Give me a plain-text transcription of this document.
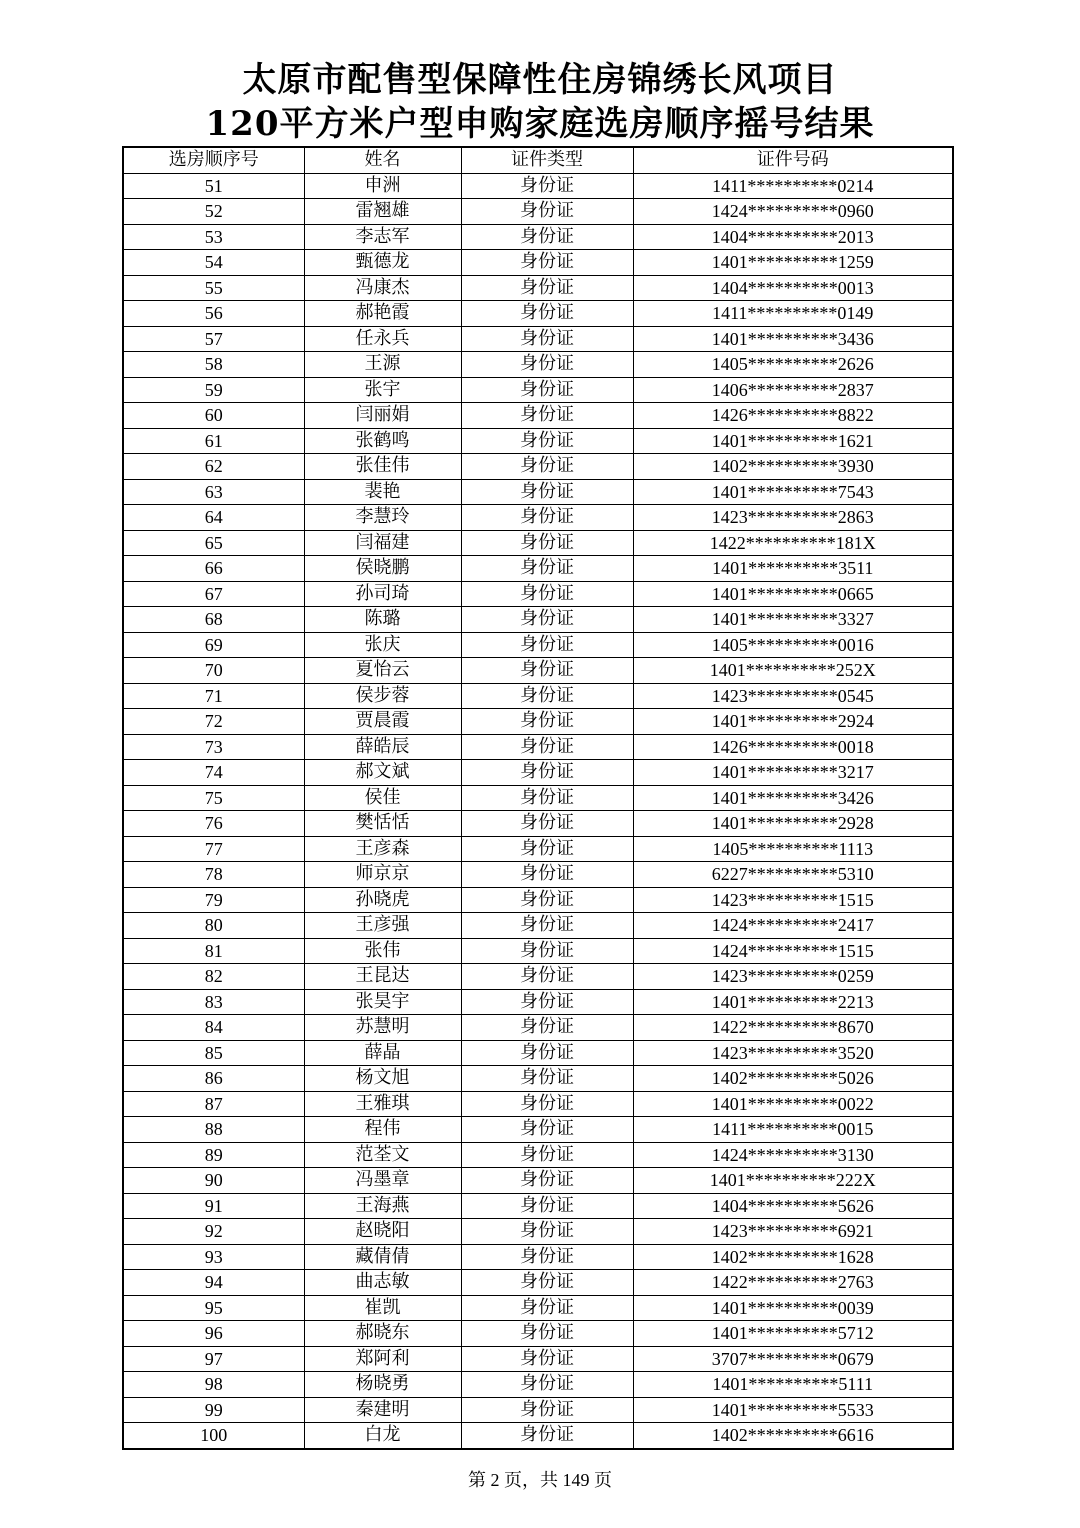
太原市配售型保障性住房锦绣长风项目
120平方米户型申购家庭选房顺序摇号结果
选房顺序号	姓名	证件类型	证件号码
51	申洲	身份证	1411**********0214
52	雷翘雄	身份证	1424**********0960
53	李志军	身份证	1404**********2013
54	甄德龙	身份证	1401**********1259
55	冯康杰	身份证	1404**********0013
56	郝艳霞	身份证	1411**********0149
57	任永兵	身份证	1401**********3436
58	王源	身份证	1405**********2626
59	张宇	身份证	1406**********2837
60	闫丽娟	身份证	1426**********8822
61	张鹤鸣	身份证	1401**********1621
62	张佳伟	身份证	1402**********3930
63	裴艳	身份证	1401**********7543
64	李慧玲	身份证	1423**********2863
65	闫福建	身份证	1422**********181X
66	侯晓鹏	身份证	1401**********3511
67	孙司琦	身份证	1401**********0665
68	陈璐	身份证	1401**********3327
69	张庆	身份证	1405**********0016
70	夏怡云	身份证	1401**********252X
71	侯步蓉	身份证	1423**********0545
72	贾晨霞	身份证	1401**********2924
73	薛皓辰	身份证	1426**********0018
74	郝文斌	身份证	1401**********3217
75	侯佳	身份证	1401**********3426
76	樊恬恬	身份证	1401**********2928
77	王彦森	身份证	1405**********1113
78	师京京	身份证	6227**********5310
79	孙晓虎	身份证	1423**********1515
80	王彦强	身份证	1424**********2417
81	张伟	身份证	1424**********1515
82	王昆达	身份证	1423**********0259
83	张昊宇	身份证	1401**********2213
84	苏慧明	身份证	1422**********8670
85	薛晶	身份证	1423**********3520
86	杨文旭	身份证	1402**********5026
87	王雅琪	身份证	1401**********0022
88	程伟	身份证	1411**********0015
89	范荃文	身份证	1424**********3130
90	冯墨章	身份证	1401**********222X
91	王海燕	身份证	1404**********5626
92	赵晓阳	身份证	1423**********6921
93	藏倩倩	身份证	1402**********1628
94	曲志敏	身份证	1422**********2763
95	崔凯	身份证	1401**********0039
96	郝晓东	身份证	1401**********5712
97	郑阿利	身份证	3707**********0679
98	杨晓勇	身份证	1401**********5111
99	秦建明	身份证	1401**********5533
100	白龙	身份证	1402**********6616
第 2 页，共 149 页
